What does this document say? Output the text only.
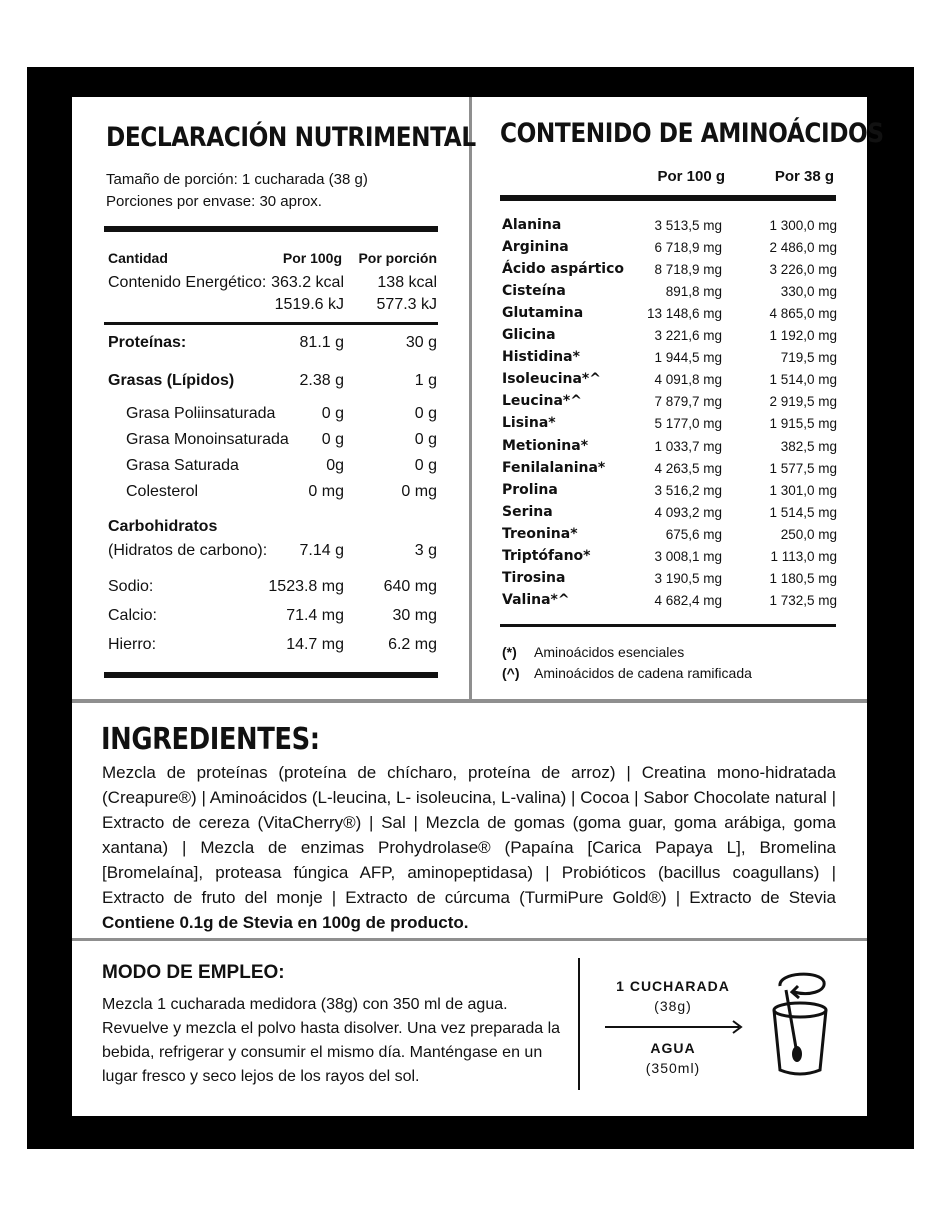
DECLARACIÓN NUTRIMENTAL
Tamaño de porción: 1 cucharada (38 g)
Porciones por envase: 30 aprox.
Cantidad	Por 100g Por porción
Contenido Energético: 363.2 kcal 138 kcal
1519.6 kJ 577.3 kJ
Proteínas:	81.1 g	30 g
Grasas (Lípidos)	2.38 g	1 g
Grasa Poliinsaturada	0 g	0 g
Grasa Monoinsaturada 0 g	0 g
Grasa Saturada	0g	0 g
Colesterol	0 mg	0 mg
Carbohidratos
(Hidratos de carbono): 7.14 g	3 g
Sodio:	1523.8 mg 640 mg
Calcio:	71.4 mg	30 mg
Hierro:	14.7 mg	6.2 mg
CONTENIDO DE AMINOÁCIDOS
Por 100 g	Por 38 g
Alanina	3 513,5 mg	1 300,0 mg
Arginina	6 718,9 mg	2 486,0 mg
Ácido aspártico 8 718,9 mg	3 226,0 mg
Cisteína	891,8 mg	330,0 mg
Glutamina	13 148,6 mg	4 865,0 mg
Glicina	3 221,6 mg	1 192,0 mg
Histidina*	1 944,5 mg	719,5 mg
Isoleucina*^	4 091,8 mg	1 514,0 mg
Leucina*^	7 879,7 mg	2 919,5 mg
Lisina*	5 177,0 mg	1 915,5 mg
Metionina*	1 033,7 mg	382,5 mg
Fenilalanina*	4 263,5 mg	1 577,5 mg
Prolina	3 516,2 mg	1 301,0 mg
Serina	4 093,2 mg	1 514,5 mg
Treonina*	675,6 mg	250,0 mg
Triptófano*	3 008,1 mg	1 113,0 mg
Tirosina	3 190,5 mg	1 180,5 mg
Valina*^	4 682,4 mg	1 732,5 mg
(*) Aminoácidos esenciales
(^) Aminoácidos de cadena ramificada
INGREDIENTES:
Mezcla de proteínas (proteína de chícharo, proteína de arroz) | Creatina mono-hidratada (Creapure®) | Aminoácidos (L-leucina, L- isoleucina, L-valina) | Cocoa | Sabor Chocolate natural | Extracto de cereza (VitaCherry®) | Sal | Mezcla de gomas (goma guar, goma arábiga, goma xantana) | Mezcla de enzimas Prohydrolase® (Papaína [Carica Papaya L], Bromelina [Bromelaína], proteasa fúngica AFP, aminopeptidasa) | Probióticos (bacillus coagullans) | Extracto de fruto del monje | Extracto de cúrcuma (TurmiPure Gold®) | Extracto de Stevia Contiene 0.1g de Stevia en 100g de producto.
MODO DE EMPLEO:
Mezcla 1 cucharada medidora (38g) con 350 ml de agua. Revuelve y mezcla el polvo hasta disolver. Una vez preparada la bebida, refrigerar y consumir el mismo día. Manténgase en un lugar fresco y seco lejos de los rayos del sol.
1 CUCHARADA
(38g)
AGUA
(350ml)
